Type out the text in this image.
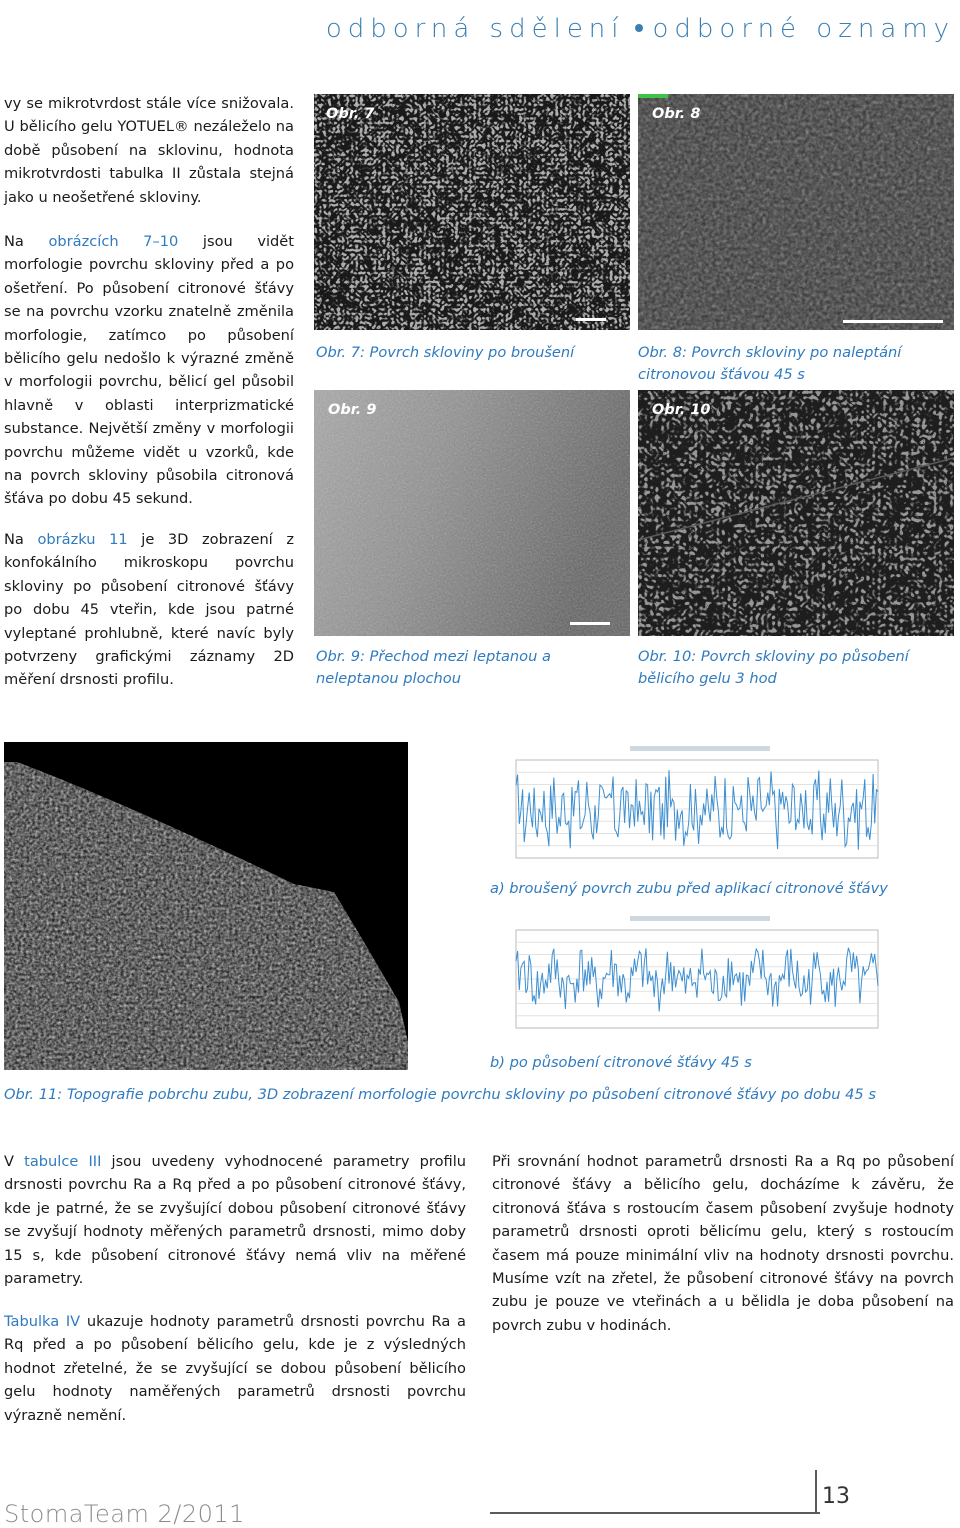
odborná sdělení odborné oznamy
vy se mikrotvrdost stále více snižovala. U bělicího gelu YOTUEL® nezáleželo na době působení na sklovinu, hodnota mikrotvrdosti tabulka II zůstala stejná jako u neošetřené skloviny.
Na obrázcích 7–10 jsou vidět morfologie povrchu skloviny před a po ošetření. Po působení citronové šťávy se na povrchu vzorku znatelně změnila morfologie, zatímco po působení bělicího gelu nedošlo k výrazné změně v morfologii povrchu, bělicí gel působil hlavně v oblasti interprizmatické substance. Největší změny v morfologii povrchu můžeme vidět u vzorků, kde na povrch skloviny působila citronová šťáva po dobu 45 sekund.
Na obrázku 11 je 3D zobrazení z konfokálního mikroskopu povrchu skloviny po působení citronové šťávy po dobu 45 vteřin, kde jsou patrné vyleptané prohlubně, které navíc byly potvrzeny grafickými záznamy 2D měření drsnosti profilu.
Obr. 7
Obr. 7: Povrch skloviny po broušení
Obr. 8
Obr. 8: Povrch skloviny po naleptání citronovou šťávou 45 s
Obr. 9
Obr. 9: Přechod mezi leptanou a neleptanou plochou
Obr. 10
Obr. 10: Povrch skloviny po působení bělicího gelu 3 hod
Obr. 11
a) broušený povrch zubu před aplikací citronové šťávy
b) po působení citronové šťávy 45 s
Obr. 11: Topografie pobrchu zubu, 3D zobrazení morfologie povrchu skloviny po působení citronové šťávy po dobu 45 s
V tabulce III jsou uvedeny vyhodnocené parametry profilu drsnosti povrchu Ra a Rq před a po působení citronové šťávy, kde je patrné, že se zvyšující dobou působení citronové šťávy se zvyšují hodnoty měřených parametrů drsnosti, mimo doby 15 s, kde působení citronové šťávy nemá vliv na měřené parametry.
Tabulka IV ukazuje hodnoty parametrů drsnosti povrchu Ra a Rq před a po působení bělicího gelu, kde je z výsledných hodnot zřetelné, že se zvyšující se dobou působení bělicího gelu hodnoty naměřených parametrů drsnosti povrchu výrazně nemění.
Při srovnání hodnot parametrů drsnosti Ra a Rq po působení citronové šťávy a bělicího gelu, docházíme k závěru, že citronová šťáva s rostoucím časem působení zvyšuje hodnoty parametrů drsnosti oproti bělicímu gelu, který s rostoucím časem má pouze minimální vliv na hodnoty drsnosti povrchu. Musíme vzít na zřetel, že působení citronové šťávy na povrch zubu je pouze ve vteřinách a u bělidla je doba působení na povrch zubu v hodinách.
StomaTeam 2/2011
13
